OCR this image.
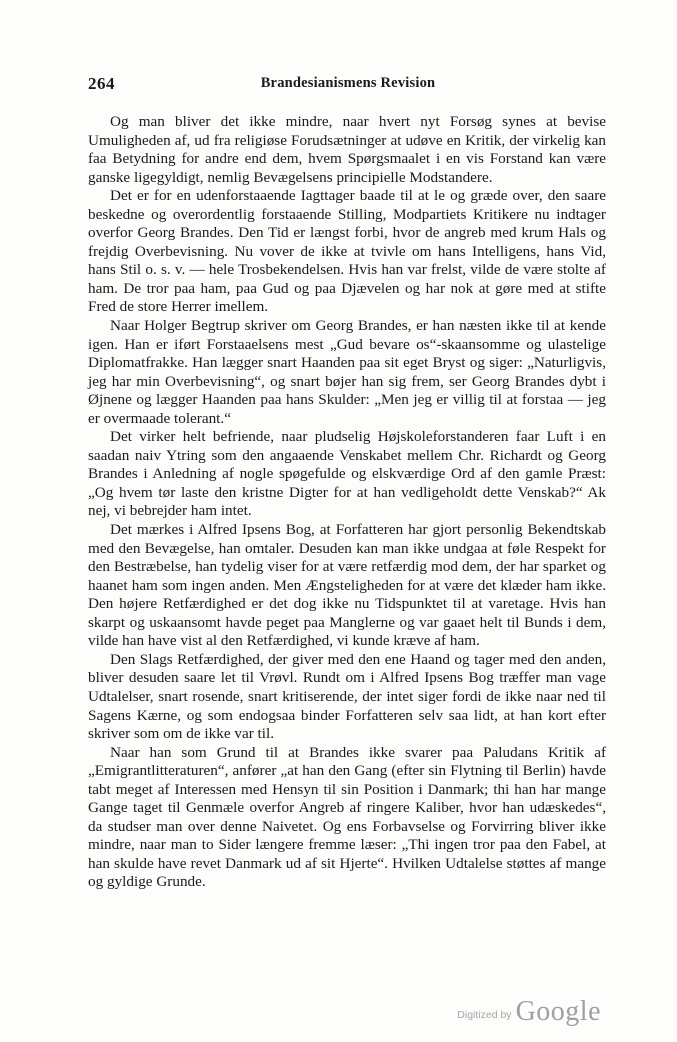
264	Brandesianismens Revision

Og man bliver det ikke mindre, naar hvert nyt Forsøg synes at bevise Umuligheden af, ud fra religiøse Forudsætninger at udøve en Kritik, der virkelig kan faa Betydning for andre end dem, hvem Spørgsmaalet i en vis Forstand kan være ganske ligegyldigt, nemlig Bevægelsens principielle Modstandere.

Det er for en udenforstaaende Iagttager baade til at le og græde over, den saare beskedne og overordentlig forstaaende Stilling, Modpartiets Kritikere nu indtager overfor Georg Brandes. Den Tid er længst forbi, hvor de angreb med krum Hals og frejdig Overbevisning. Nu vover de ikke at tvivle om hans Intelligens, hans Vid, hans Stil o. s. v. — hele Trosbekendelsen. Hvis han var frelst, vilde de være stolte af ham. De tror paa ham, paa Gud og paa Djævelen og har nok at gøre med at stifte Fred de store Herrer imellem.

Naar Holger Begtrup skriver om Georg Brandes, er han næsten ikke til at kende igen. Han er iført Forstaaelsens mest „Gud bevare os“-skaansomme og ulastelige Diplomatfrakke. Han lægger snart Haanden paa sit eget Bryst og siger: „Naturligvis, jeg har min Overbevisning“, og snart bøjer han sig frem, ser Georg Brandes dybt i Øjnene og lægger Haanden paa hans Skulder: „Men jeg er villig til at forstaa — jeg er overmaade tolerant.“

Det virker helt befriende, naar pludselig Højskoleforstanderen faar Luft i en saadan naiv Ytring som den angaaende Venskabet mellem Chr. Richardt og Georg Brandes i Anledning af nogle spøgefulde og elskværdige Ord af den gamle Præst: „Og hvem tør laste den kristne Digter for at han vedligeholdt dette Venskab?“ Ak nej, vi bebrejder ham intet.

Det mærkes i Alfred Ipsens Bog, at Forfatteren har gjort personlig Bekendtskab med den Bevægelse, han omtaler. Desuden kan man ikke undgaa at føle Respekt for den Bestræbelse, han tydelig viser for at være retfærdig mod dem, der har sparket og haanet ham som ingen anden. Men Ængsteligheden for at være det klæder ham ikke. Den højere Retfærdighed er det dog ikke nu Tidspunktet til at varetage. Hvis han skarpt og uskaansomt havde peget paa Manglerne og var gaaet helt til Bunds i dem, vilde han have vist al den Retfærdighed, vi kunde kræve af ham.

Den Slags Retfærdighed, der giver med den ene Haand og tager med den anden, bliver desuden saare let til Vrøvl. Rundt om i Alfred Ipsens Bog træffer man vage Udtalelser, snart rosende, snart kritiserende, der intet siger fordi de ikke naar ned til Sagens Kærne, og som endogsaa binder Forfatteren selv saa lidt, at han kort efter skriver som om de ikke var til.

Naar han som Grund til at Brandes ikke svarer paa Paludans Kritik af „Emigrantlitteraturen“, anfører „at han den Gang (efter sin Flytning til Berlin) havde tabt meget af Interessen med Hensyn til sin Position i Danmark; thi han har mange Gange taget til Genmæle overfor Angreb af ringere Kaliber, hvor han udæskedes“, da studser man over denne Naivetet. Og ens Forbavselse og Forvirring bliver ikke mindre, naar man to Sider længere fremme læser: „Thi ingen tror paa den Fabel, at han skulde have revet Danmark ud af sit Hjerte“. Hvilken Udtalelse støttes af mange og gyldige Grunde.

Digitized by Google
